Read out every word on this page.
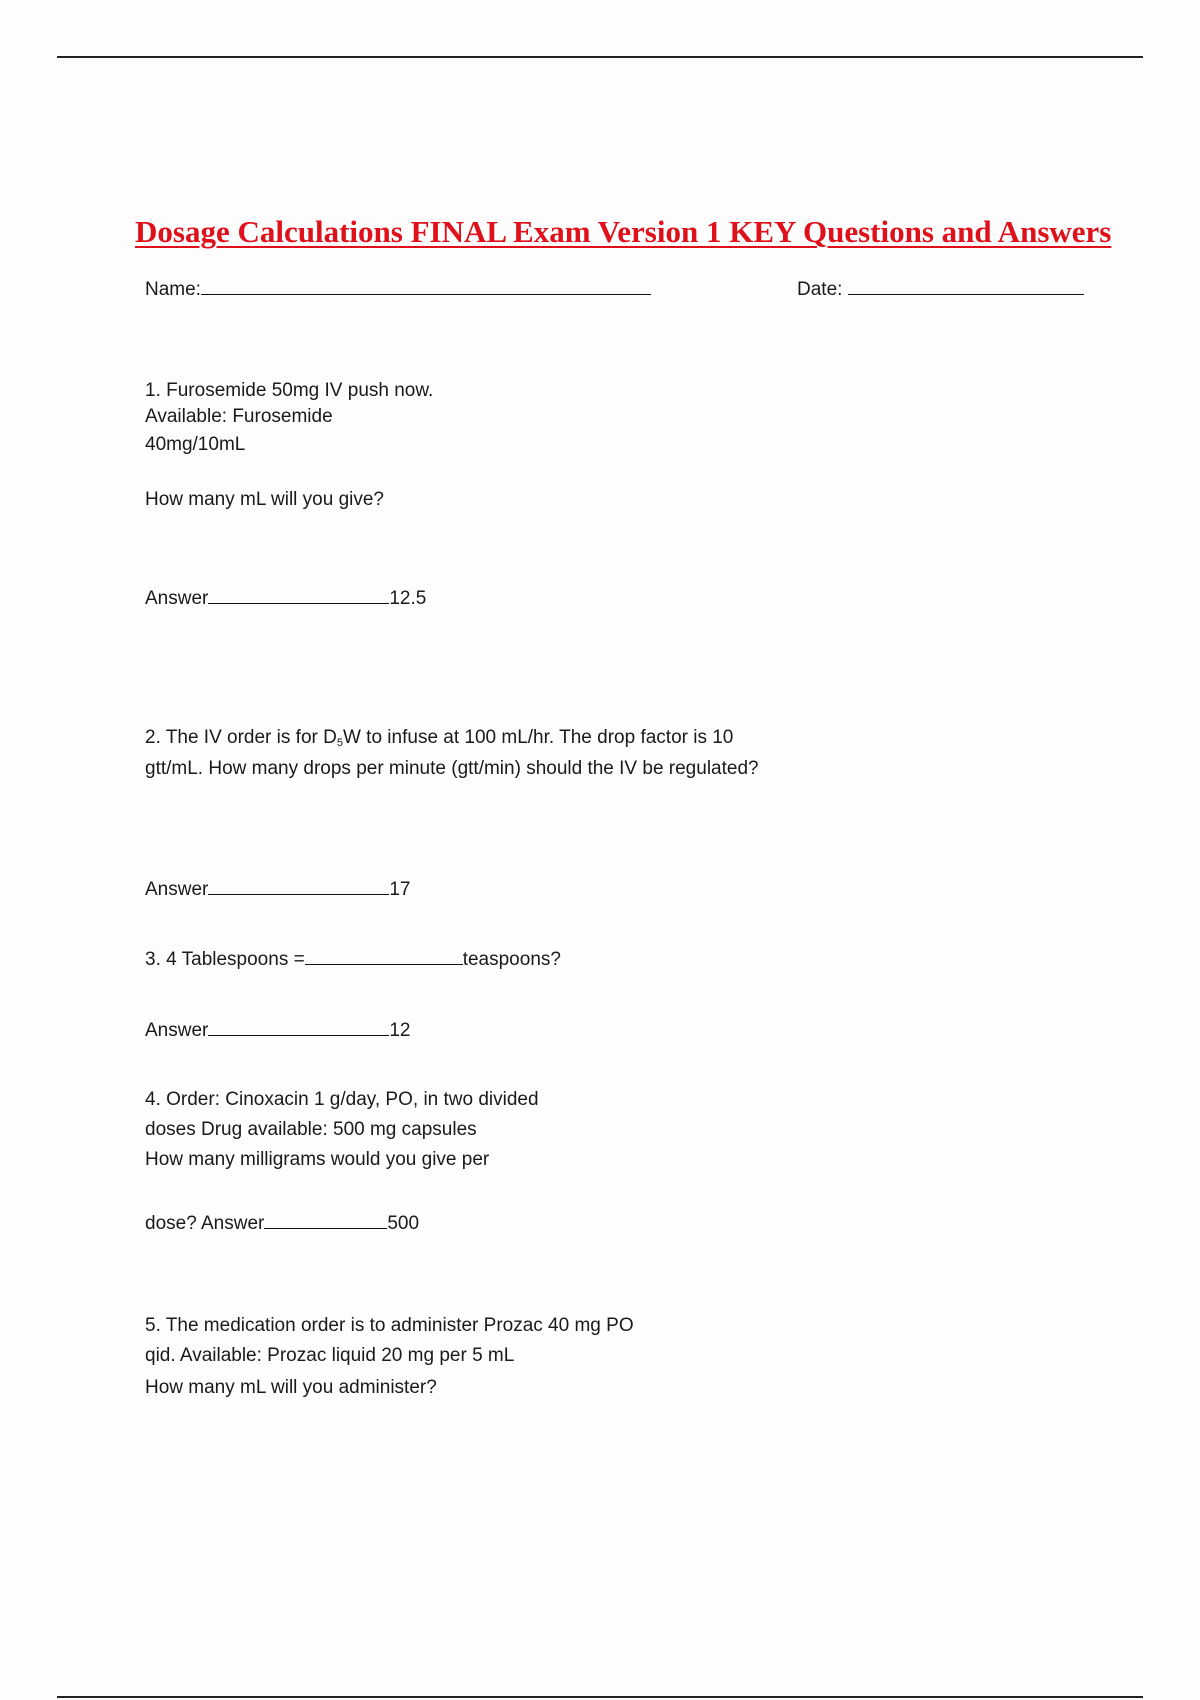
Dosage Calculations FINAL Exam Version 1 KEY Questions and Answers
Name:	Date:
1. Furosemide 50mg IV push now.
Available: Furosemide
40mg/10mL
How many mL will you give?
Answer	12.5
2. The IV order is for $D_5W$ to infuse at 100 mL/hr. The drop factor is 10
gtt/mL. How many drops per minute (gtt/min) should the IV be regulated?
Answer	17
3. 4 Tablespoons =	teaspoons?
Answer	12
4. Order: Cinoxacin 1 g/day, PO, in two divided
doses Drug available: 500 mg capsules
How many milligrams would you give per
dose? Answer	500
5. The medication order is to administer Prozac 40 mg PO
qid. Available: Prozac liquid 20 mg per 5 mL
How many mL will you administer?
